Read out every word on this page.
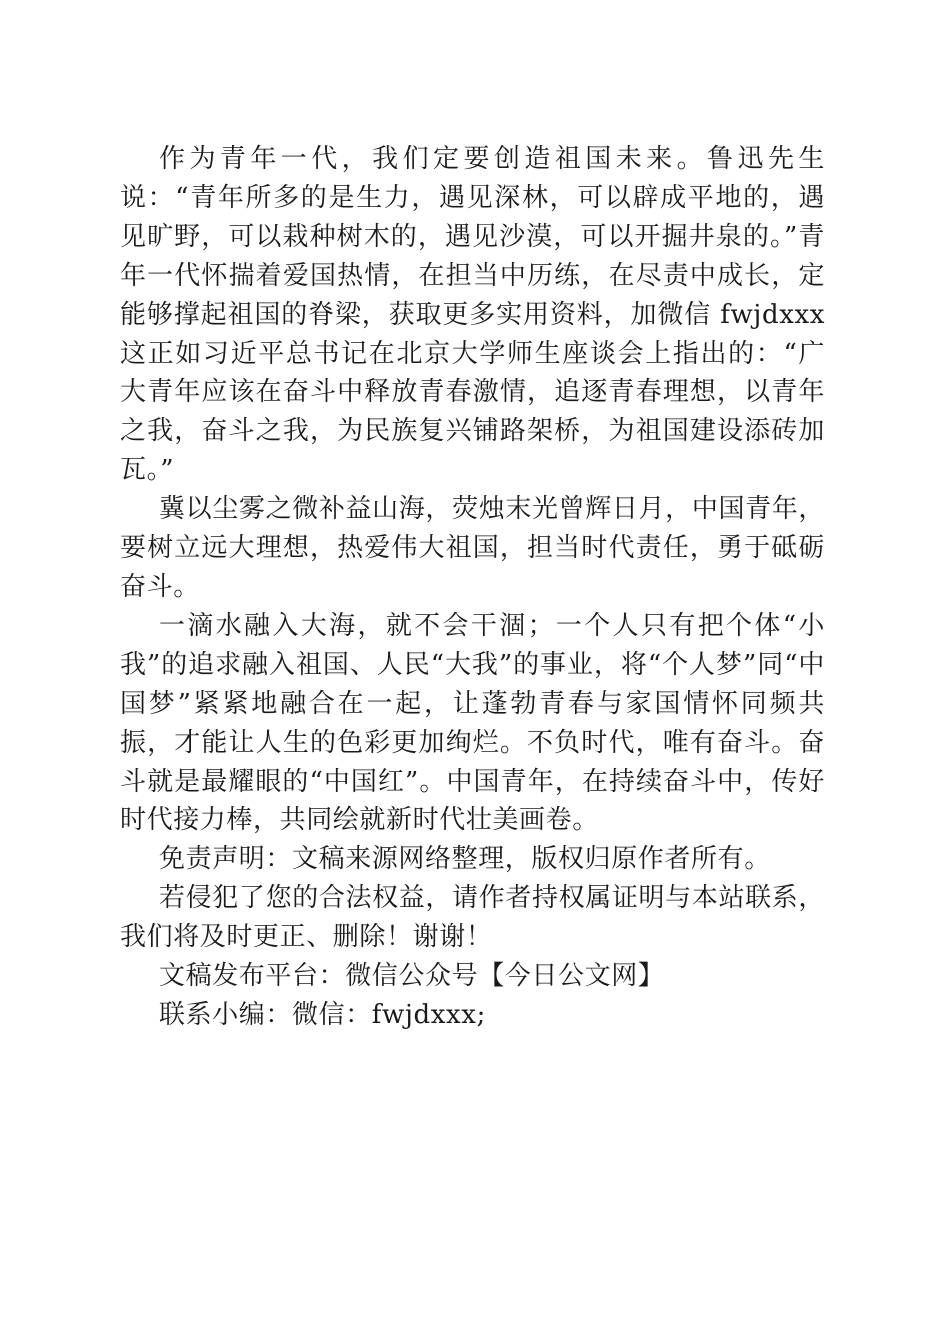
作为青年一代，我们定要创造祖国未来。鲁迅先生说：“青年所多的是生力，遇见深林，可以辟成平地的，遇见旷野，可以栽种树木的，遇见沙漠，可以开掘井泉的。”青年一代怀揣着爱国热情，在担当中历练，在尽责中成长，定能够撑起祖国的脊梁，获取更多实用资料，加微信 fwjdxxx 这正如习近平总书记在北京大学师生座谈会上指出的：“广大青年应该在奋斗中释放青春激情，追逐青春理想，以青年之我，奋斗之我，为民族复兴铺路架桥，为祖国建设添砖加瓦。”

冀以尘雾之微补益山海，荧烛末光曾辉日月，中国青年，要树立远大理想，热爱伟大祖国，担当时代责任，勇于砥砺奋斗。

一滴水融入大海，就不会干涸；一个人只有把个体“小我”的追求融入祖国、人民“大我”的事业，将“个人梦”同“中国梦”紧紧地融合在一起，让蓬勃青春与家国情怀同频共振，才能让人生的色彩更加绚烂。不负时代，唯有奋斗。奋斗就是最耀眼的“中国红”。中国青年，在持续奋斗中，传好时代接力棒，共同绘就新时代壮美画卷。

免责声明：文稿来源网络整理，版权归原作者所有。

若侵犯了您的合法权益，请作者持权属证明与本站联系，我们将及时更正、删除！谢谢！

文稿发布平台：微信公众号【今日公文网】

联系小编：微信：fwjdxxx;
